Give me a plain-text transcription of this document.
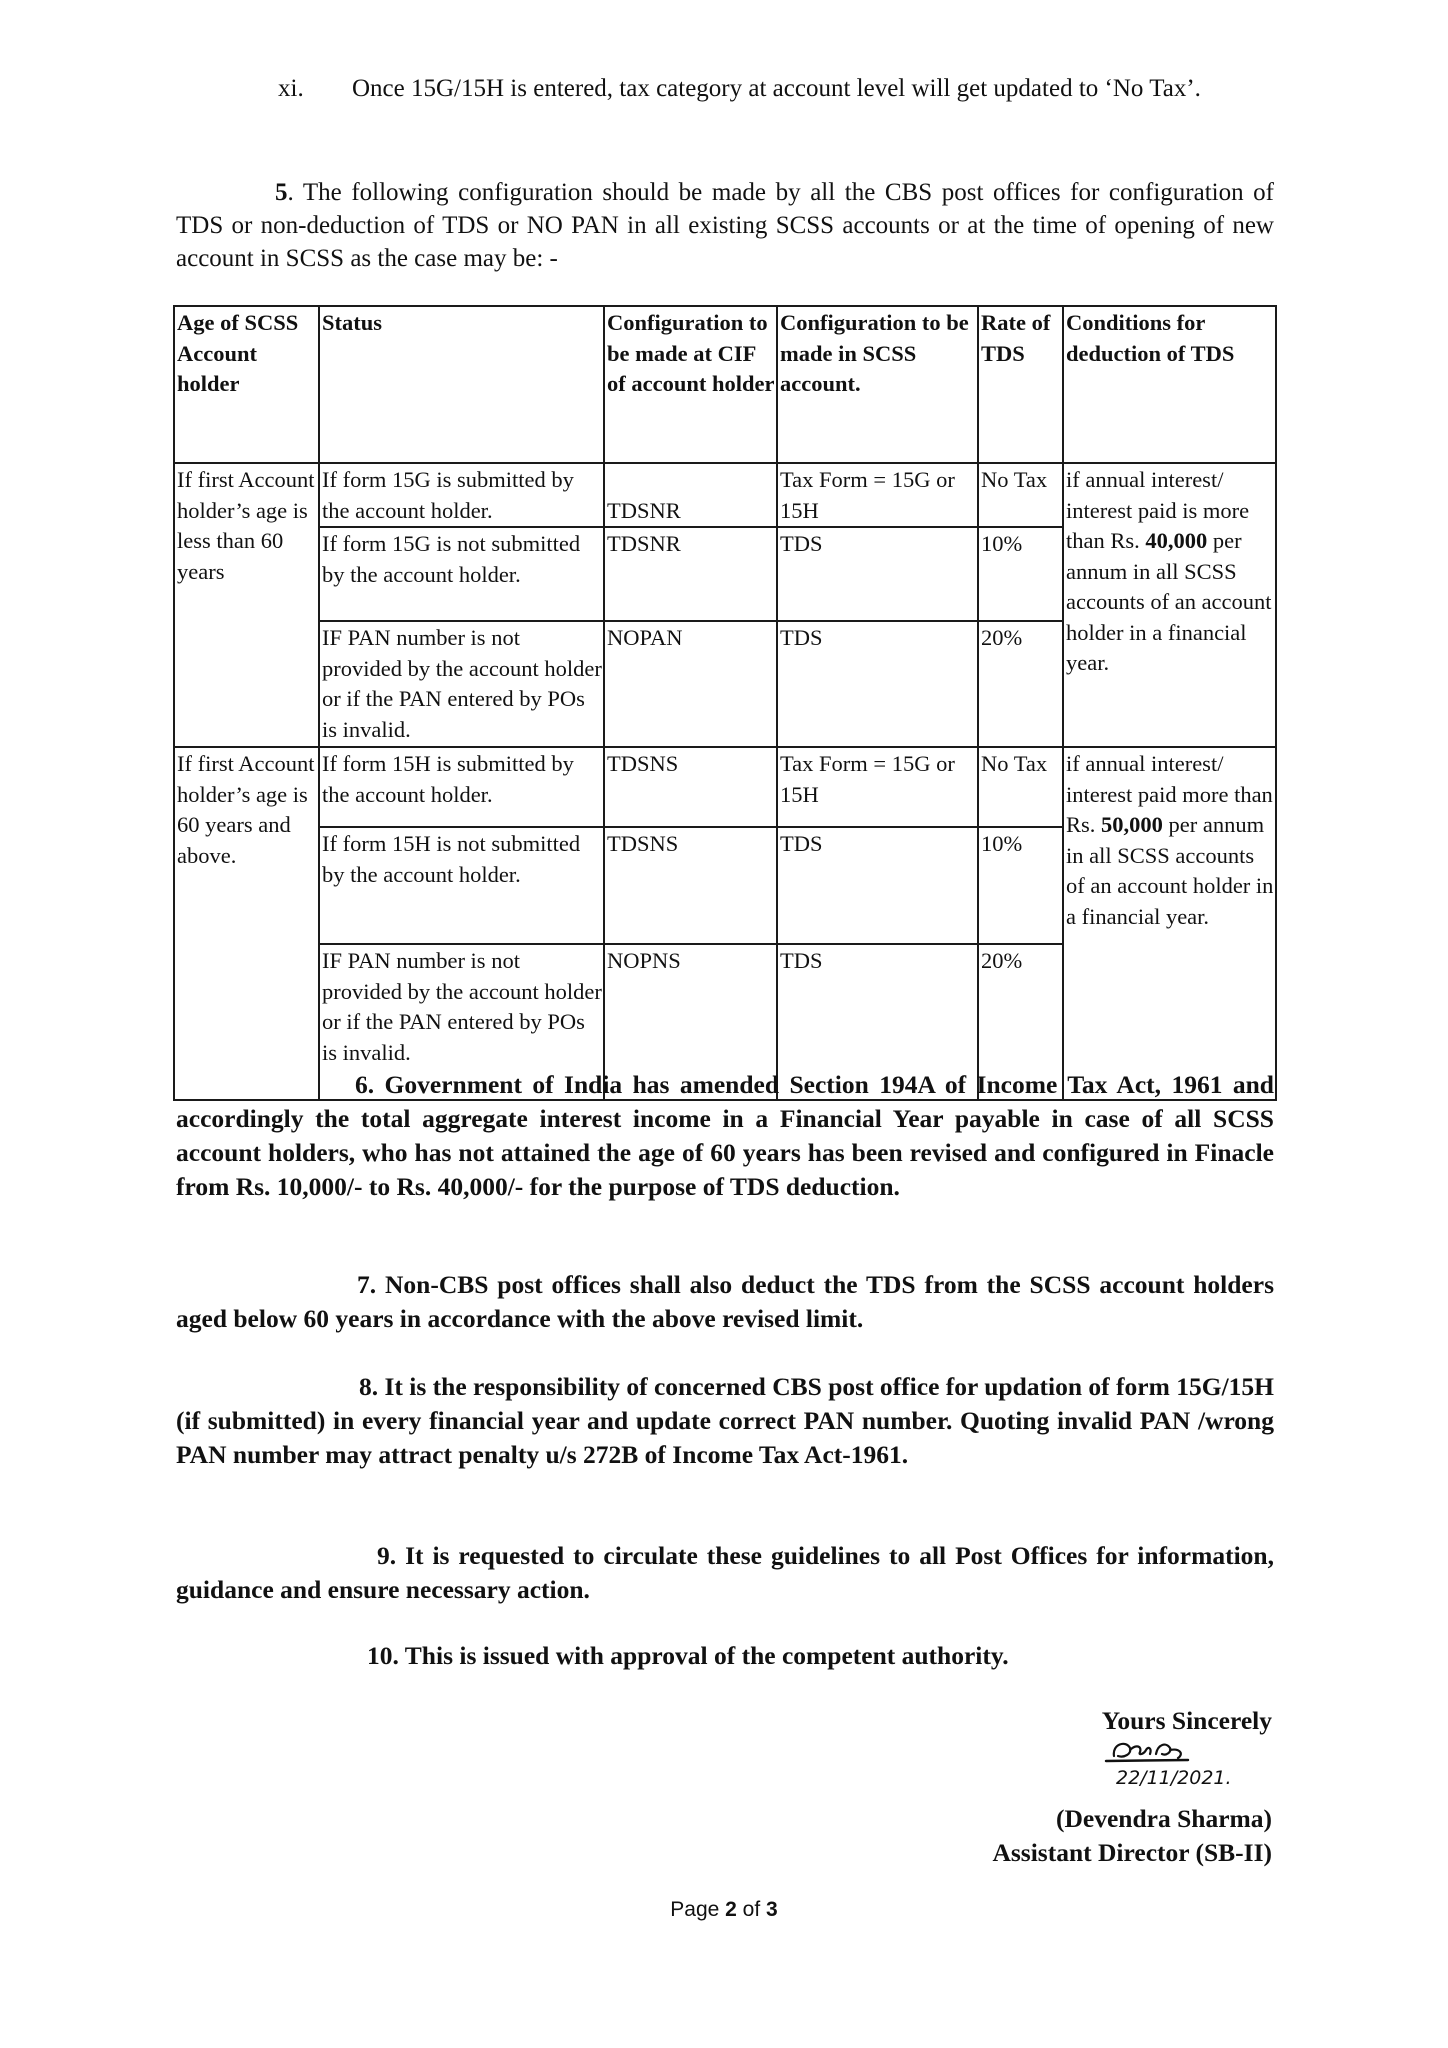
xi. Once 15G/15H is entered, tax category at account level will get updated to ‘No Tax’.
5. The following configuration should be made by all the CBS post offices for configuration of TDS or non-deduction of TDS or NO PAN in all existing SCSS accounts or at the time of opening of new account in SCSS as the case may be: -
Age of SCSS Account holder	Status	Configuration to be made at CIF of account holder	Configuration to be made in SCSS account.	Rate of TDS	Conditions for deduction of TDS
If first Account holder’s age is less than 60 years	If form 15G is submitted by the account holder.	TDSNR	Tax Form = 15G or 15H	No Tax	if annual interest/ interest paid is more than Rs. 40,000 per annum in all SCSS accounts of an account holder in a financial year.
	If form 15G is not submitted by the account holder.	TDSNR	TDS	10%	
	IF PAN number is not provided by the account holder or if the PAN entered by POs is invalid.	NOPAN	TDS	20%	
If first Account holder’s age is 60 years and above.	If form 15H is submitted by the account holder.	TDSNS	Tax Form = 15G or 15H	No Tax	if annual interest/ interest paid more than Rs. 50,000 per annum in all SCSS accounts of an account holder in a financial year.
	If form 15H is not submitted by the account holder.	TDSNS	TDS	10%	
	IF PAN number is not provided by the account holder or if the PAN entered by POs is invalid.	NOPNS	TDS	20%	
6. Government of India has amended Section 194A of Income Tax Act, 1961 and accordingly the total aggregate interest income in a Financial Year payable in case of all SCSS account holders, who has not attained the age of 60 years has been revised and configured in Finacle from Rs. 10,000/- to Rs. 40,000/- for the purpose of TDS deduction.
7. Non-CBS post offices shall also deduct the TDS from the SCSS account holders aged below 60 years in accordance with the above revised limit.
8. It is the responsibility of concerned CBS post office for updation of form 15G/15H (if submitted) in every financial year and update correct PAN number. Quoting invalid PAN /wrong PAN number may attract penalty u/s 272B of Income Tax Act-1961.
9. It is requested to circulate these guidelines to all Post Offices for information, guidance and ensure necessary action.
10. This is issued with approval of the competent authority.
Yours Sincerely
22/11/2021.
(Devendra Sharma)
Assistant Director (SB-II)
Page 2 of 3
